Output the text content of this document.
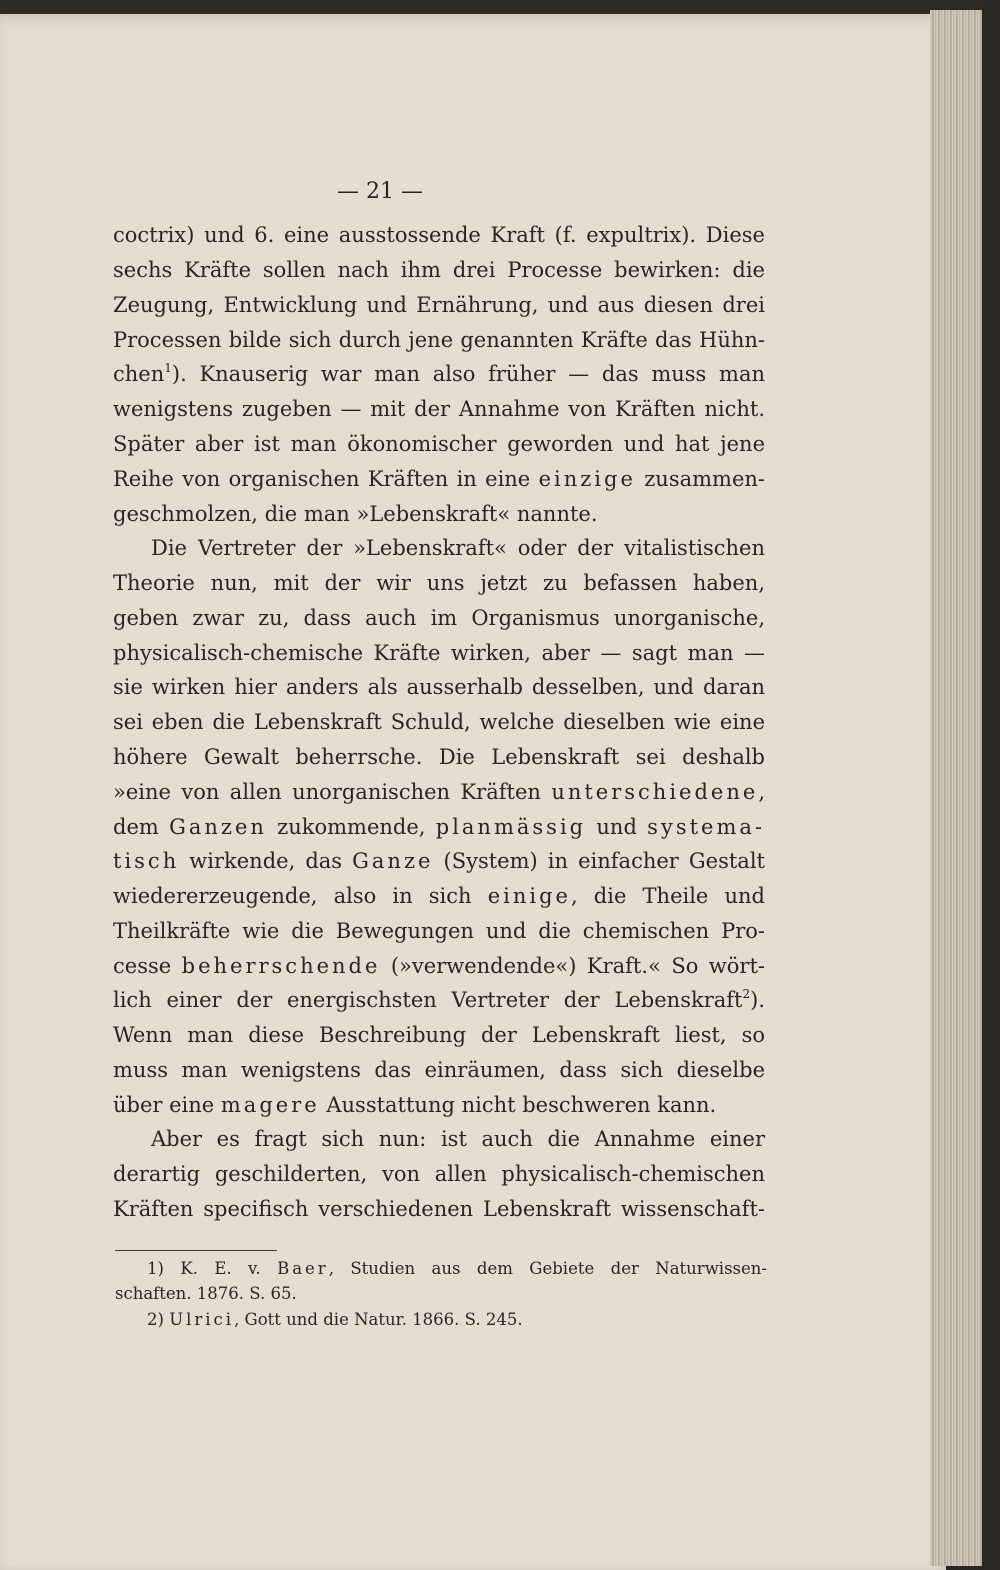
— 21 —
coctrix) und 6. eine ausstossende Kraft (f. expultrix). Diese
sechs Kräfte sollen nach ihm drei Processe bewirken: die
Zeugung, Entwicklung und Ernährung, und aus diesen drei
Processen bilde sich durch jene genannten Kräfte das Hühn-
chen$^1$). Knauserig war man also früher — das muss man
wenigstens zugeben — mit der Annahme von Kräften nicht.
Später aber ist man ökonomischer geworden und hat jene
Reihe von organischen Kräften in eine einzige zusammen-
geschmolzen, die man »Lebenskraft« nannte.
Die Vertreter der »Lebenskraft« oder der vitalistischen
Theorie nun, mit der wir uns jetzt zu befassen haben,
geben zwar zu, dass auch im Organismus unorganische,
physicalisch-chemische Kräfte wirken, aber — sagt man —
sie wirken hier anders als ausserhalb desselben, und daran
sei eben die Lebenskraft Schuld, welche dieselben wie eine
höhere Gewalt beherrsche. Die Lebenskraft sei deshalb
»eine von allen unorganischen Kräften unterschiedene,
dem Ganzen zukommende, planmässig und systema-
tisch wirkende, das Ganze (System) in einfacher Gestalt
wiedererzeugende, also in sich einige, die Theile und
Theilkräfte wie die Bewegungen und die chemischen Pro-
cesse beherrschende (»verwendende«) Kraft.« So wört-
lich einer der energischsten Vertreter der Lebenskraft$^2$).
Wenn man diese Beschreibung der Lebenskraft liest, so
muss man wenigstens das einräumen, dass sich dieselbe
über eine magere Ausstattung nicht beschweren kann.
Aber es fragt sich nun: ist auch die Annahme einer
derartig geschilderten, von allen physicalisch-chemischen
Kräften specifisch verschiedenen Lebenskraft wissenschaft-
1) K. E. v. Baer, Studien aus dem Gebiete der Naturwissen-
schaften. 1876. S. 65.
2) Ulrici, Gott und die Natur. 1866. S. 245.
